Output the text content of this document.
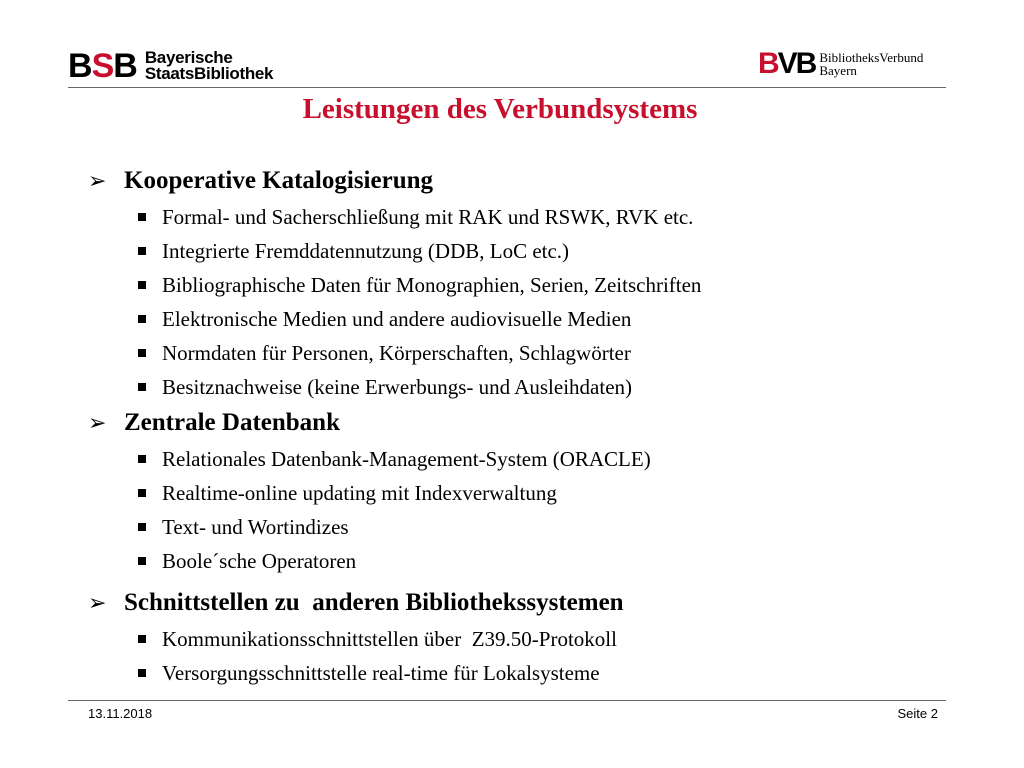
B S B Bayerische
StaatsBibliothek	BVB BibliotheksVerbund
Bayern
Leistungen des Verbundsystems
➢ Kooperative Katalogisierung
Formal- und Sacherschließung mit RAK und RSWK, RVK etc.
Integrierte Fremddatennutzung (DDB, LoC etc.)
Bibliographische Daten für Monographien, Serien, Zeitschriften
Elektronische Medien und andere audiovisuelle Medien
Normdaten für Personen, Körperschaften, Schlagwörter
Besitznachweise (keine Erwerbungs- und Ausleihdaten)
➢ Zentrale Datenbank
Relationales Datenbank-Management-System (ORACLE)
Realtime-online updating mit Indexverwaltung
Text- und Wortindizes
Boole´sche Operatoren
➢ Schnittstellen zu  anderen Bibliothekssystemen
Kommunikationsschnittstellen über  Z39.50-Protokoll
Versorgungsschnittstelle real-time für Lokalsysteme
13.11.2018	Seite 2
